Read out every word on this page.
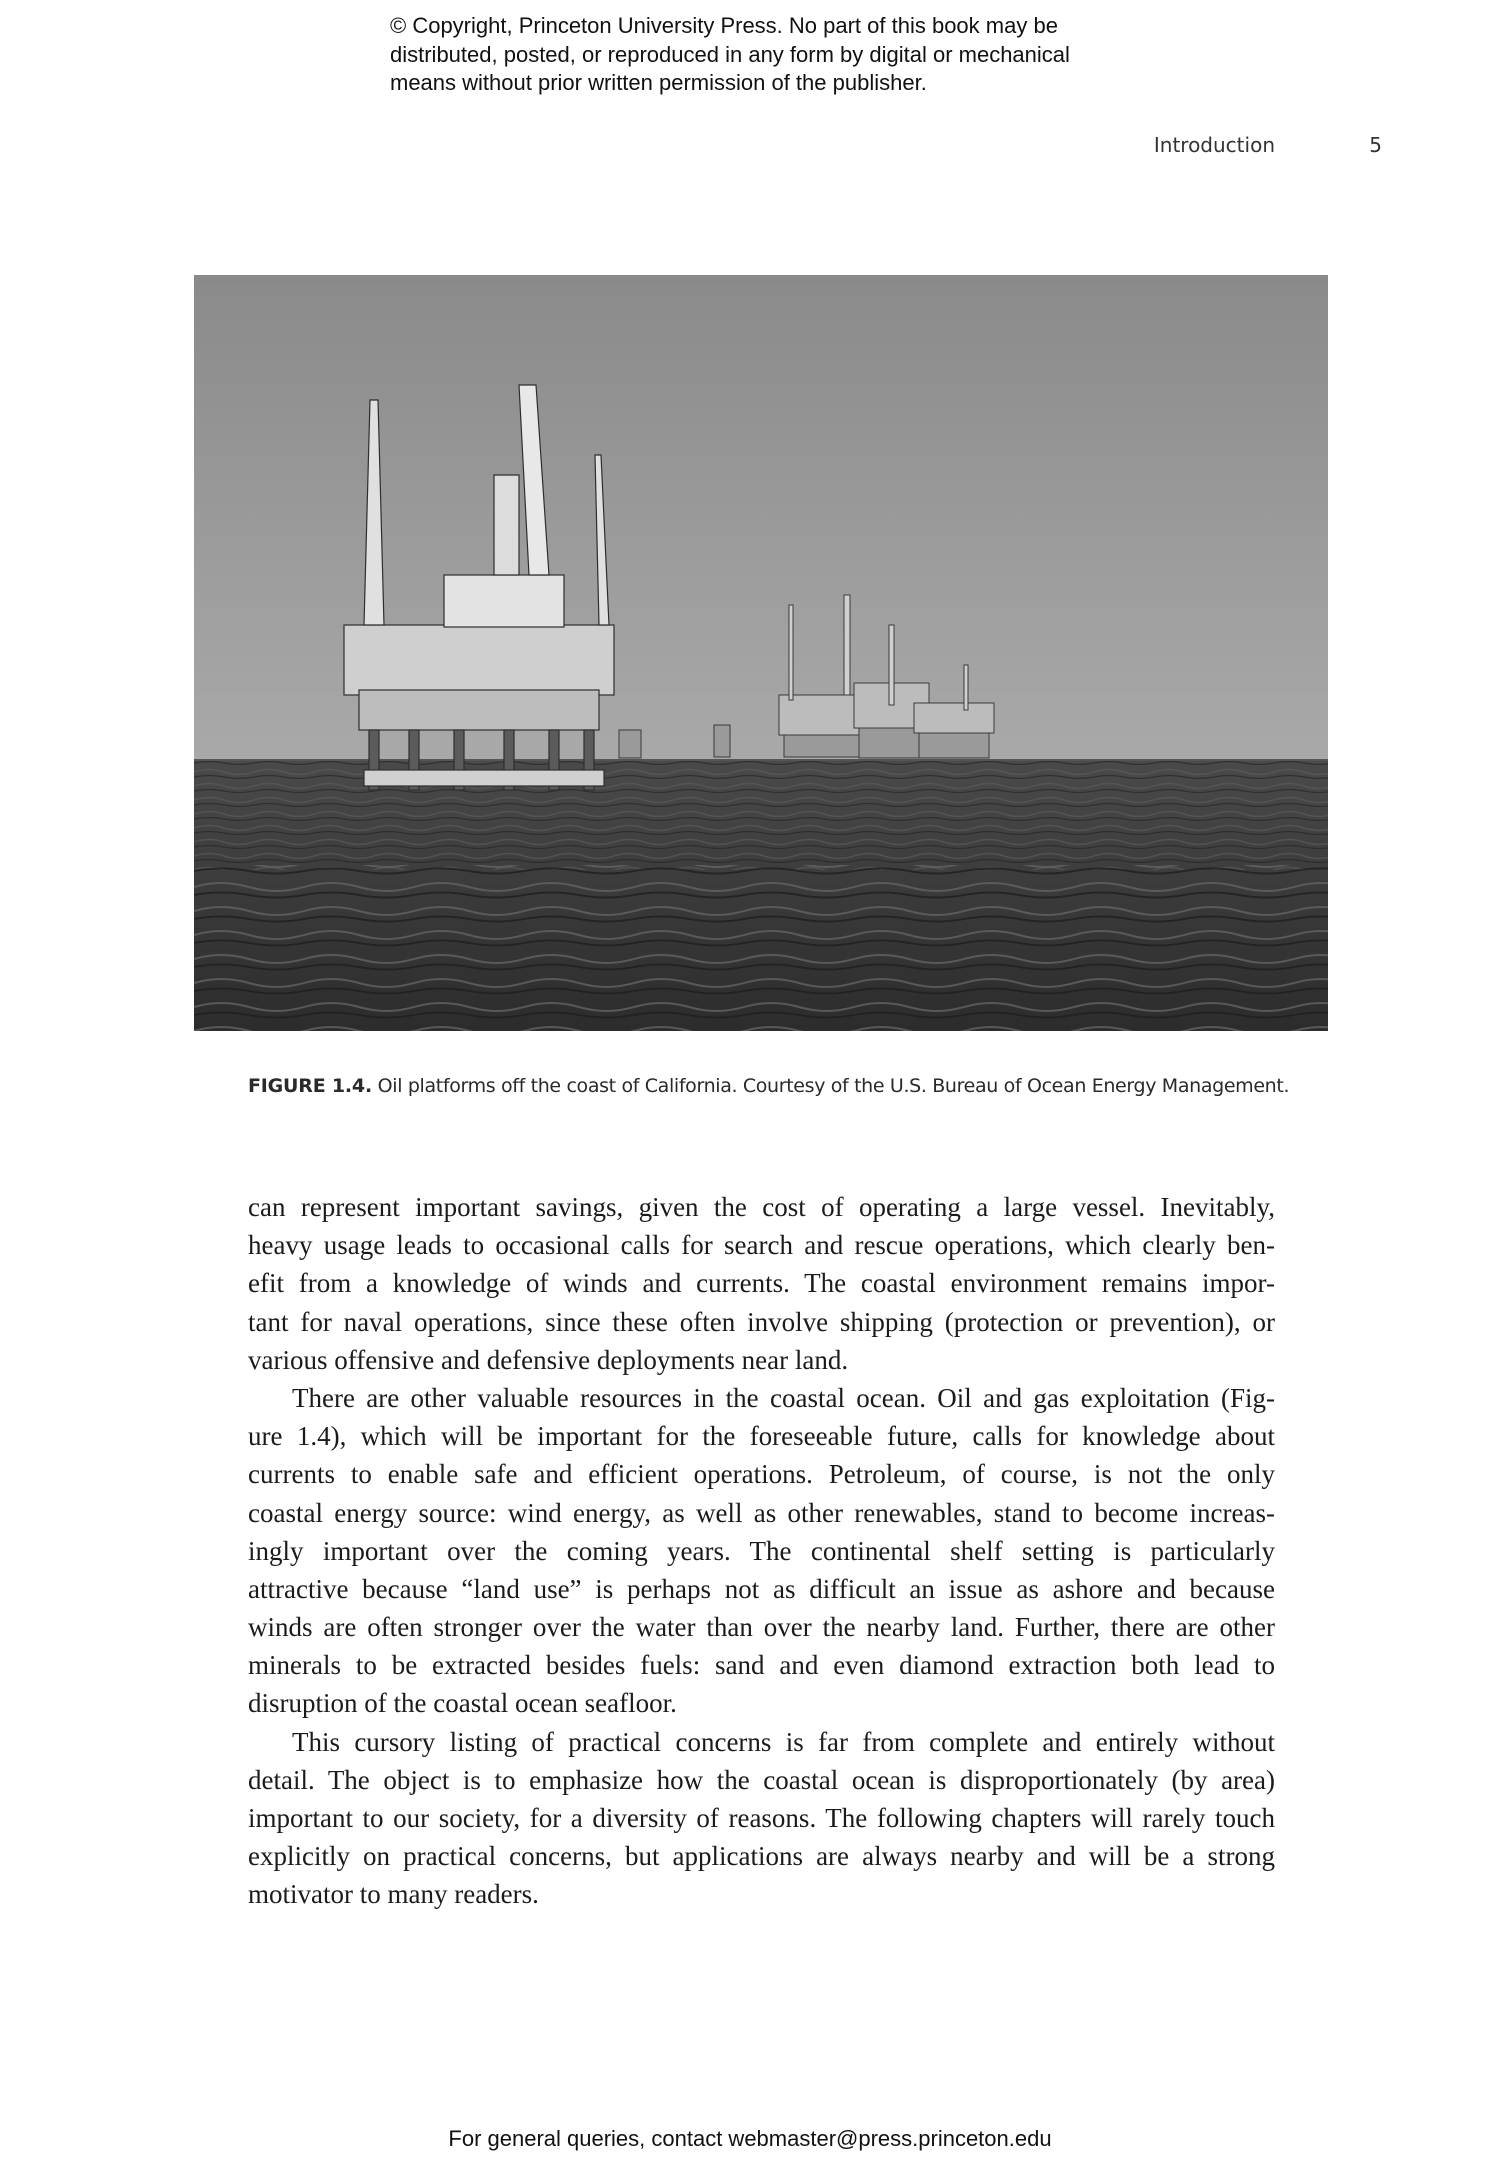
© Copyright, Princeton University Press. No part of this book may be
distributed, posted, or reproduced in any form by digital or mechanical
means without prior written permission of the publisher.
Introduction	5
FIGURE 1.4. Oil platforms off the coast of California. Courtesy of the U.S. Bureau of Ocean Energy Management.
can represent important savings, given the cost of operating a large vessel. Inevitably,
heavy usage leads to occasional calls for search and rescue operations, which clearly ben-
efit from a knowledge of winds and currents. The coastal environment remains impor-
tant for naval operations, since these often involve shipping (protection or prevention), or
various offensive and defensive deployments near land.
There are other valuable resources in the coastal ocean. Oil and gas exploitation (Fig-
ure 1.4), which will be important for the foreseeable future, calls for knowledge about
currents to enable safe and efficient operations. Petroleum, of course, is not the only
coastal energy source: wind energy, as well as other renewables, stand to become increas-
ingly important over the coming years. The continental shelf setting is particularly
attractive because “land use” is perhaps not as difficult an issue as ashore and because
winds are often stronger over the water than over the nearby land. Further, there are other
minerals to be extracted besides fuels: sand and even diamond extraction both lead to
disruption of the coastal ocean seafloor.
This cursory listing of practical concerns is far from complete and entirely without
detail. The object is to emphasize how the coastal ocean is disproportionately (by area)
important to our society, for a diversity of reasons. The following chapters will rarely touch
explicitly on practical concerns, but applications are always nearby and will be a strong
motivator to many readers.
For general queries, contact webmaster@press.princeton.edu
